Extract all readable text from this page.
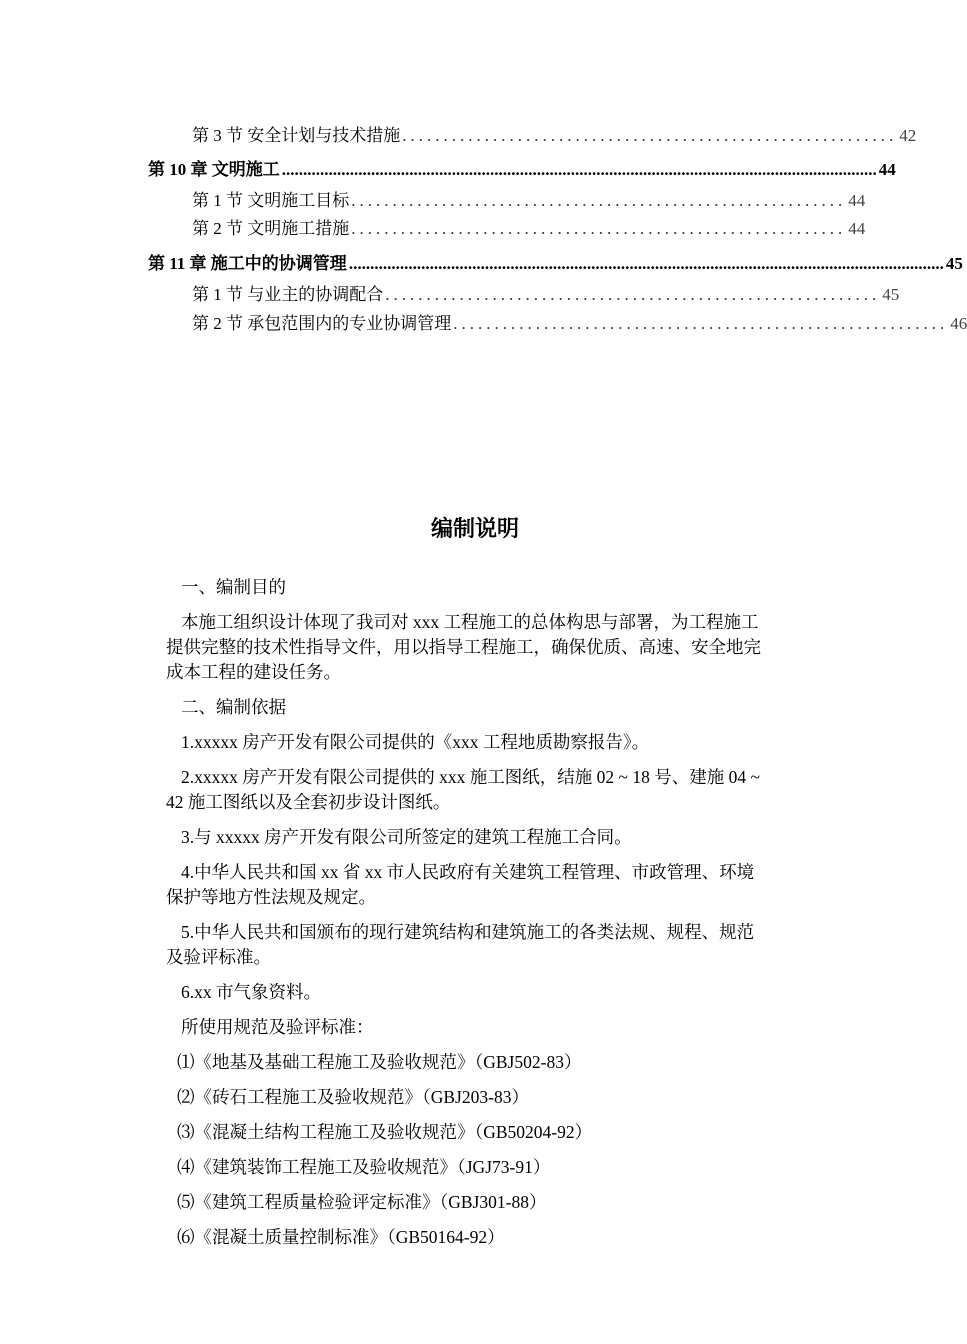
第 3 节 安全计划与技术措施 ............................................................ 42
第 10 章 文明施工 ............................................................................................................................................ 44
第 1 节 文明施工目标 ............................................................ 44
第 2 节 文明施工措施 ............................................................ 44
第 11 章 施工中的协调管理 ............................................................................................................................................ 45
第 1 节 与业主的协调配合 ............................................................ 45
第 2 节 承包范围内的专业协调管理 ............................................................ 46
编制说明

一、编制目的

本施工组织设计体现了我司对 xxx 工程施工的总体构思与部署，为工程施工提供完整的技术性指导文件，用以指导工程施工，确保优质、高速、安全地完成本工程的建设任务。

二、编制依据

1.xxxxx 房产开发有限公司提供的《xxx 工程地质勘察报告》。

2.xxxxx 房产开发有限公司提供的 xxx 施工图纸，结施 02 ~ 18 号、建施 04 ~ 42 施工图纸以及全套初步设计图纸。

3.与 xxxxx 房产开发有限公司所签定的建筑工程施工合同。

4.中华人民共和国 xx 省 xx 市人民政府有关建筑工程管理、市政管理、环境保护等地方性法规及规定。

5.中华人民共和国颁布的现行建筑结构和建筑施工的各类法规、规程、规范及验评标准。

6.xx 市气象资料。

所使用规范及验评标准：

⑴《地基及基础工程施工及验收规范》（GBJ502-83）

⑵《砖石工程施工及验收规范》（GBJ203-83）

⑶《混凝土结构工程施工及验收规范》（GB50204-92）

⑷《建筑装饰工程施工及验收规范》（JGJ73-91）

⑸《建筑工程质量检验评定标准》（GBJ301-88）

⑹《混凝土质量控制标准》（GB50164-92）
